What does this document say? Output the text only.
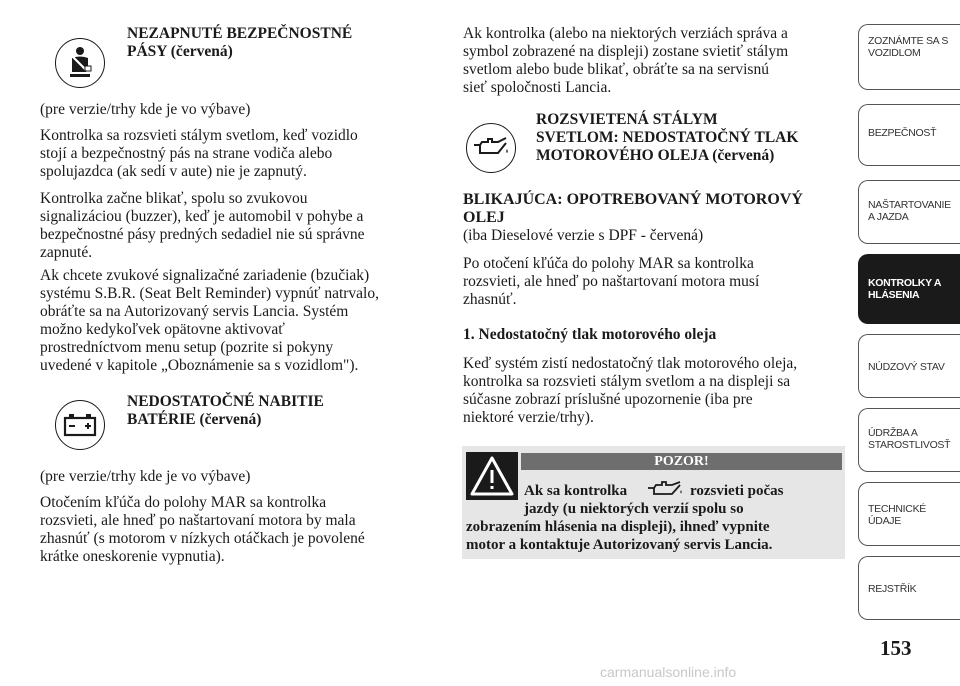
NEZAPNUTÉ BEZPEČNOSTNÉ

PÁSY (červená)

(pre verzie/trhy kde je vo výbave)

Kontrolka sa rozsvieti stálym svetlom, keď vozidlo

stojí a bezpečnostný pás na strane vodiča alebo

spolujazdca (ak sedí v aute) nie je zapnutý.

Kontrolka začne blikať, spolu so zvukovou

signalizáciou (buzzer), keď je automobil v pohybe a

bezpečnostné pásy predných sedadiel nie sú správne

zapnuté.

Ak chcete zvukové signalizačné zariadenie (bzučiak)

systému S.B.R. (Seat Belt Reminder) vypnúť natrvalo,

obráťte sa na Autorizovaný servis Lancia. Systém

možno kedykoľvek opätovne aktivovať

prostredníctvom menu setup (pozrite si pokyny

uvedené v kapitole „Oboznámenie sa s vozidlom").

NEDOSTATOČNÉ NABITIE

BATÉRIE (červená)

(pre verzie/trhy kde je vo výbave)

Otočením kľúča do polohy MAR sa kontrolka

rozsvieti, ale hneď po naštartovaní motora by mala

zhasnúť (s motorom v nízkych otáčkach je povolené

krátke oneskorenie vypnutia).

Ak kontrolka (alebo na niektorých verziách správa a

symbol zobrazené na displeji) zostane svietiť stálym

svetlom alebo bude blikať, obráťte sa na servisnú

sieť spoločnosti Lancia.

ROZSVIETENÁ STÁLYM

SVETLOM: NEDOSTATOČNÝ TLAK

MOTOROVÉHO OLEJA (červená)

BLIKAJÚCA: OPOTREBOVANÝ MOTOROVÝ

OLEJ

(iba Dieselové verzie s DPF - červená)

Po otočení kľúča do polohy MAR sa kontrolka

rozsvieti, ale hneď po naštartovaní motora musí

zhasnúť.

1. Nedostatočný tlak motorového oleja

Keď systém zistí nedostatočný tlak motorového oleja,

kontrolka sa rozsvieti stálym svetlom a na displeji sa

súčasne zobrazí príslušné upozornenie (iba pre

niektoré verzie/trhy).

POZOR!

Ak sa kontrolka	rozsvieti počas

jazdy (u niektorých verzií spolu so

zobrazením hlásenia na displeji), ihneď vypnite

motor a kontaktuje Autorizovaný servis Lancia.

ZOZNÁMTE SA S
VOZIDLOM
BEZPEČNOSŤ
NAŠTARTOVANIE
A JAZDA
KONTROLKY A
HLÁSENIA
NÚDZOVÝ STAV
ÚDRŽBA A
STAROSTLIVOSŤ
TECHNICKÉ
ÚDAJE
REJSTŘÍK
153
carmanualsonline.info
